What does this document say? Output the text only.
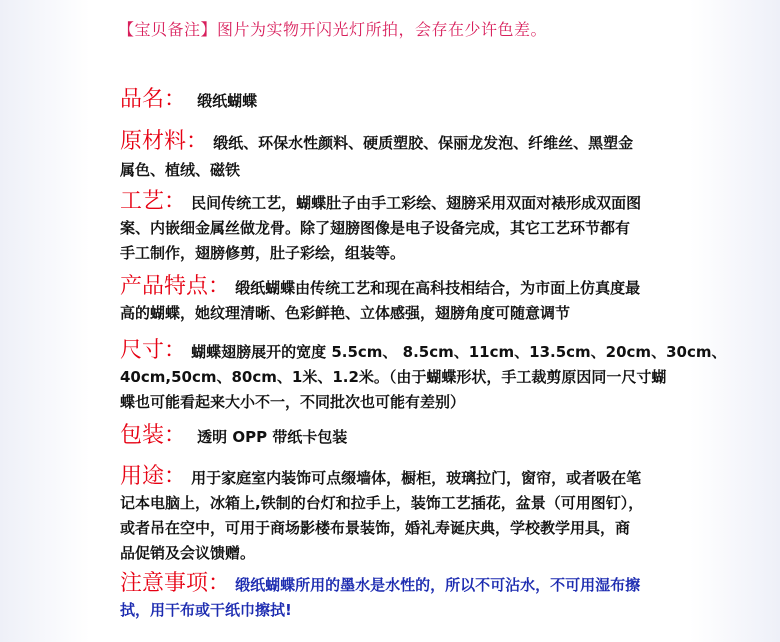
【宝贝备注】图片为实物开闪光灯所拍，会存在少许色差。
品名： 缎纸蝴蝶
原材料： 缎纸、环保水性颜料、硬质塑胶、保丽龙发泡、纤维丝、黑塑金
属色、植绒、磁铁
工艺： 民间传统工艺，蝴蝶肚子由手工彩绘、翅膀采用双面对裱形成双面图
案、内嵌细金属丝做龙骨。除了翅膀图像是电子设备完成，其它工艺环节都有
手工制作，翅膀修剪，肚子彩绘，组装等。
产品特点： 缎纸蝴蝶由传统工艺和现在高科技相结合，为市面上仿真度最
高的蝴蝶，她纹理清晰、色彩鲜艳、立体感强，翅膀角度可随意调节
尺寸： 蝴蝶翅膀展开的宽度 5.5cm、 8.5cm、11cm、13.5cm、20cm、30cm、
40cm,50cm、80cm、1米、1.2米。（由于蝴蝶形状，手工裁剪原因同一尺寸蝴
蝶也可能看起来大小不一，不同批次也可能有差别）
包装： 透明 OPP 带纸卡包装
用途： 用于家庭室内装饰可点缀墙体，橱柜，玻璃拉门，窗帘，或者吸在笔
记本电脑上，冰箱上,铁制的台灯和拉手上，装饰工艺插花，盆景（可用图钉），
或者吊在空中，可用于商场影楼布景装饰，婚礼寿诞庆典，学校教学用具，商
品促销及会议馈赠。
注意事项： 缎纸蝴蝶所用的墨水是水性的，所以不可沾水，不可用湿布擦
拭，用干布或干纸巾擦拭!
